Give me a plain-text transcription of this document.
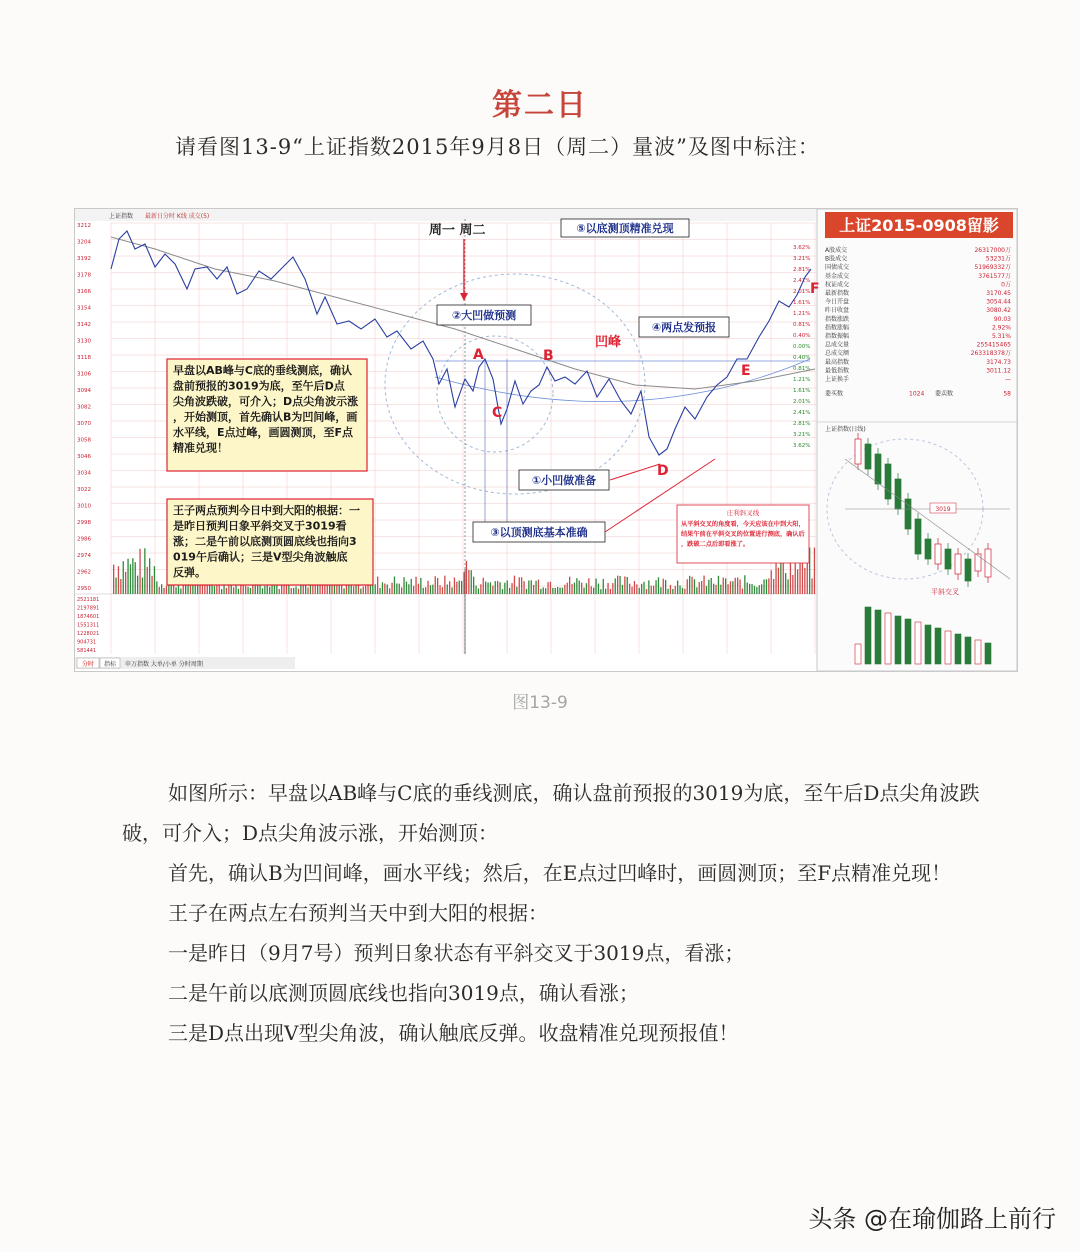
第二日
请看图13-9“上证指数2015年9月8日（周二）量波”及图中标注：
上证指数 最新日分时 K线 成交(5)
3212
3204
3192
3178
3166
3154
3142
3130
3118
3106
3094
3082
3070
3058
3046
3034
3022
3010
2998
2986
2974
2962
2950
3.62%
3.21%
2.81%
2.41%
2.01%
1.61%
1.21%
0.81%
0.40%
0.00%
0.40%
0.81%
1.21%
1.61%
2.01%
2.41%
2.81%
3.21%
3.62%
2521181
2197891
1874601
1551311
1228021
904731
581441
上证2015-0908留影
A股成交	26317000万
B股成交	53231万
国债成交	51969332万
基金成交	3761577万
权证成交	0万
最新指数	3170.45
今日开盘	3054.44
昨日收盘	3080.42
指数涨跌	90.03
指数涨幅	2.92%
指数振幅	5.31%
总成交量	255415465
总成交额	263318378万
最高指数	3174.73
最低指数	3011.12
上证换手	—
委买数	1024 委卖数	58
上证指数(日线)
3019
平斜交叉
周一 周二	⑤以底测顶精准兑现
②大凹做预测
④两点发预报
①小凹做准备
③以顶测底基本准确
凹峰
A	B
C
D
E
F
早盘以AB峰与C底的垂线测底，确认
盘前预报的3019为底，至午后D点
尖角波跌破，可介入；D点尖角波示涨
，开始测顶，首先确认B为凹间峰，画
水平线，E点过峰，画圆测顶，至F点
精准兑现！
王子两点预判今日中到大阳的根据：一
是昨日预判日象平斜交叉于3019看
涨；二是午前以底测顶圆底线也指向3
019午后确认；三是V型尖角波触底
反弹。
庄利斜叉线
从平斜交叉的角度看，今天应该在中到大阳，
结果午前在平斜交叉的位置进行测底，确认后
，跌破二点后即看涨了。
分时 指标 申万指数 大单/小单 分时周期
图13-9

如图所示：早盘以AB峰与C底的垂线测底，确认盘前预报的3019为底，至午后D点尖角波跌破，可介入；D点尖角波示涨，开始测顶：

首先，确认B为凹间峰，画水平线；然后，在E点过凹峰时，画圆测顶；至F点精准兑现！

王子在两点左右预判当天中到大阳的根据：

一是昨日（9月7号）预判日象状态有平斜交叉于3019点，看涨；

二是午前以底测顶圆底线也指向3019点，确认看涨；

三是D点出现V型尖角波，确认触底反弹。收盘精准兑现预报值！

头条 @在瑜伽路上前行
